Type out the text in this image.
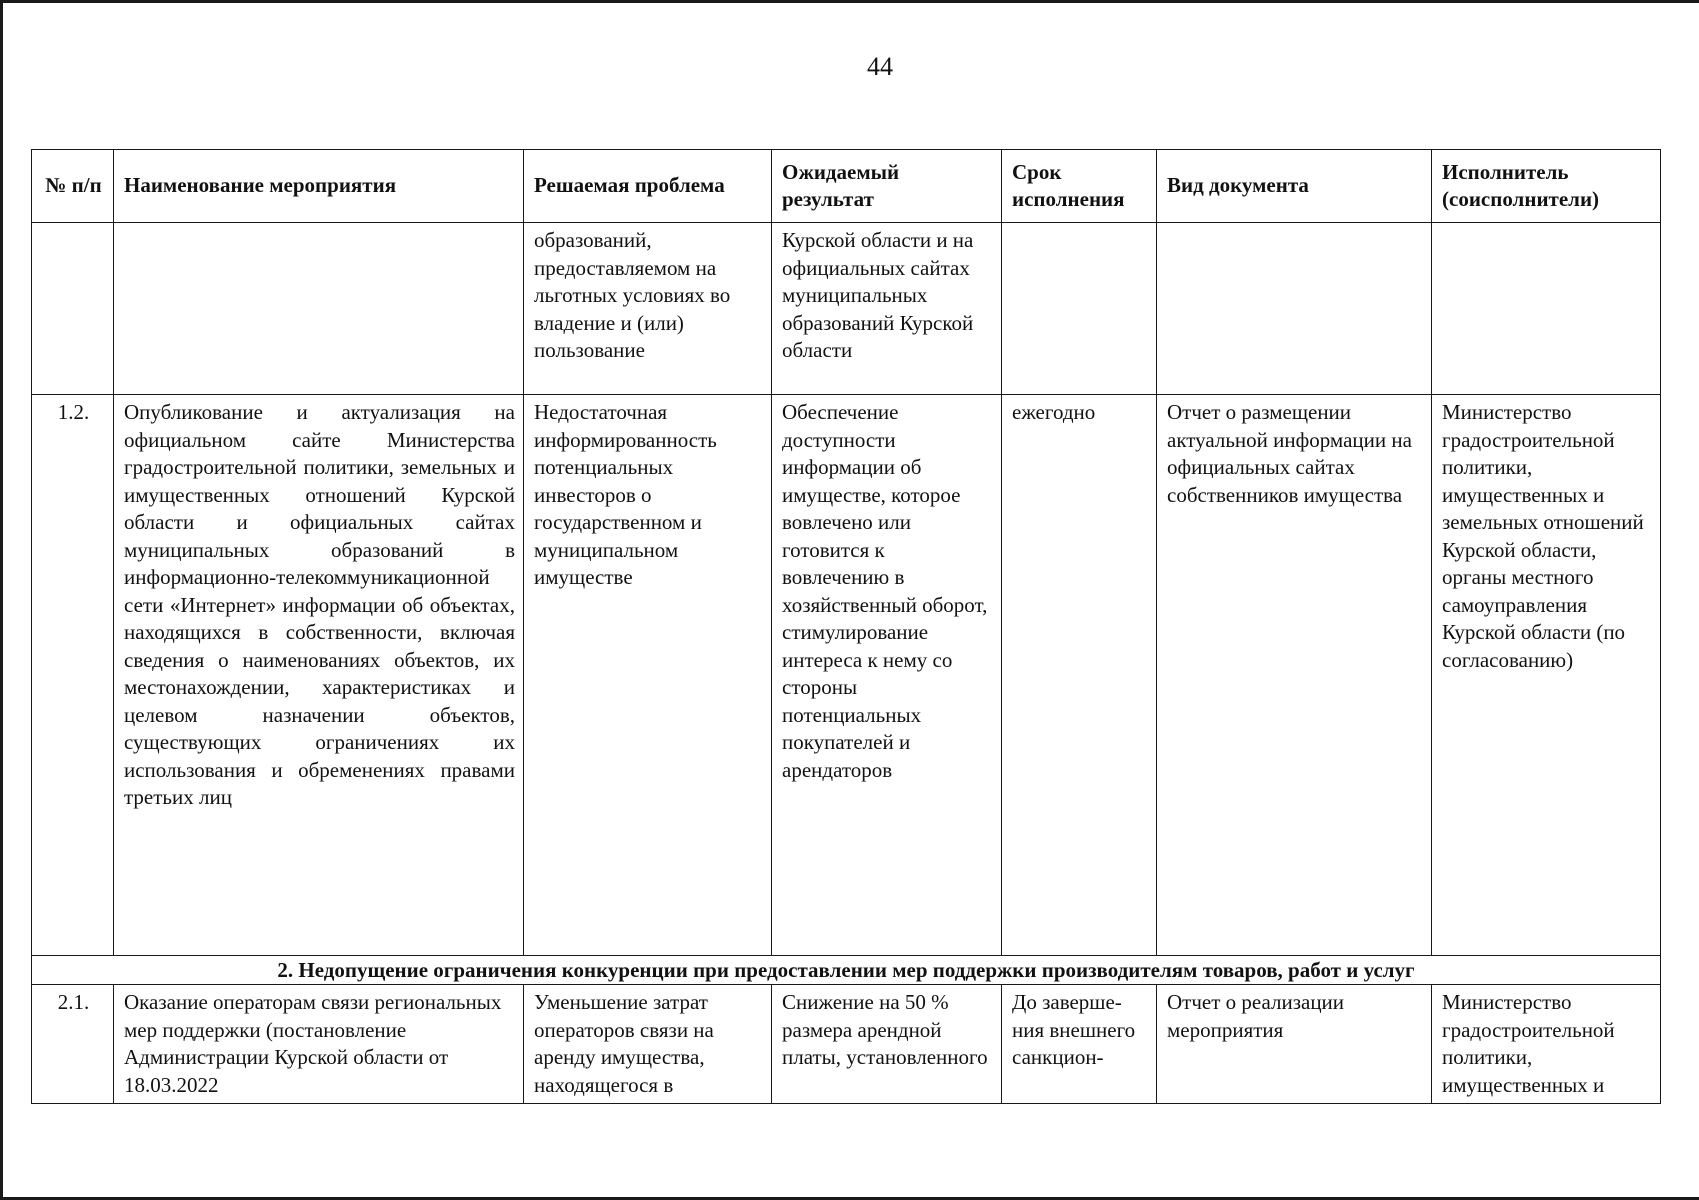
44
№ п/п	Наименование мероприятия	Решаемая проблема	Ожидаемый результат	Срок исполнения	Вид документа	Исполнитель (соисполнители)
		образований, предоставляемом на льготных условиях во владение и (или) пользование	Курской области и на официальных сайтах муниципальных образований Курской области			
1.2.	Опубликование и актуализация на официальном сайте Министерства градостроительной политики, земельных и имущественных отношений Курской области и официальных сайтах муниципальных образований в информационно-телекоммуникационной сети «Интернет» информации об объектах, находящихся в собственности, включая сведения о наименованиях объектов, их местонахождении, характеристиках и целевом назначении объектов, существующих ограничениях их использования и обременениях правами третьих лиц	Недостаточная информированность потенциальных инвесторов о государственном и муниципальном имуществе	Обеспечение доступности информации об имуществе, которое вовлечено или готовится к вовлечению в хозяйственный оборот, стимулирование интереса к нему со стороны потенциальных покупателей и арендаторов	ежегодно	Отчет о размещении актуальной информации на официальных сайтах собственников имущества	Министерство градостроительной политики, имущественных и земельных отношений Курской области, органы местного самоуправления Курской области (по согласованию)
2. Недопущение ограничения конкуренции при предоставлении мер поддержки производителям товаров, работ и услуг						
2.1.	Оказание операторам связи региональных мер поддержки (постановление Администрации Курской области от 18.03.2022	Уменьшение затрат операторов связи на аренду имущества, находящегося в	Снижение на 50 % размера арендной платы, установленного	До заверше-ния внешнего санкцион-	Отчет о реализации мероприятия	Министерство градостроительной политики, имущественных и
